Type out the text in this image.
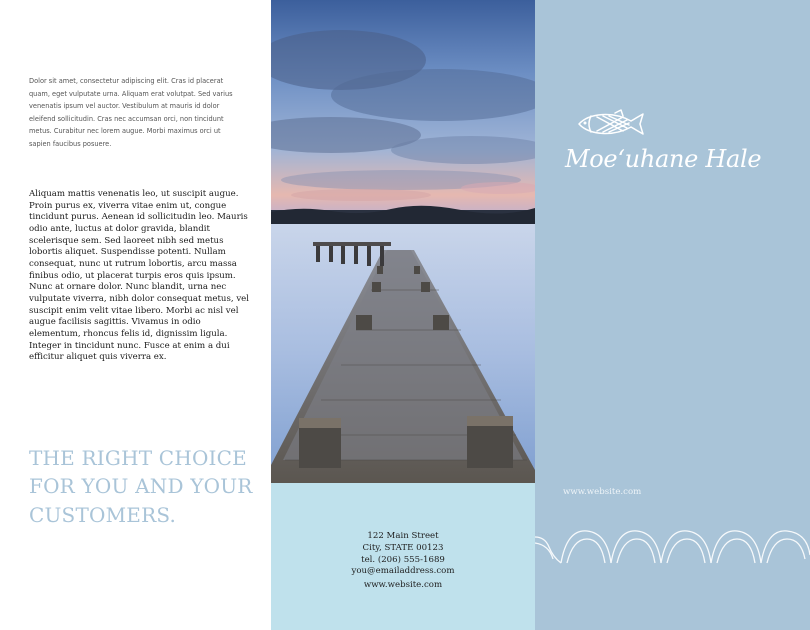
Dolor sit amet, consectetur adipiscing elit. Cras id placerat quam, eget vulputate urna. Aliquam erat volutpat. Sed varius venenatis ipsum vel auctor. Vestibulum at mauris id dolor eleifend sollicitudin. Cras nec accumsan orci, non tincidunt metus. Curabitur nec lorem augue. Morbi maximus orci ut sapien faucibus posuere.

Aliquam mattis venenatis leo, ut suscipit augue. Proin purus ex, viverra vitae enim ut, congue tincidunt purus. Aenean id sollicitudin leo. Mauris odio ante, luctus at dolor gravida, blandit scelerisque sem. Sed laoreet nibh sed metus lobortis aliquet. Suspendisse potenti. Nullam consequat, nunc ut rutrum lobortis, arcu massa finibus odio, ut placerat turpis eros quis ipsum. Nunc at ornare dolor. Nunc blandit, urna nec vulputate viverra, nibh dolor consequat metus, vel suscipit enim velit vitae libero. Morbi ac nisl vel augue facilisis sagittis. Vivamus in odio elementum, rhoncus felis id, dignissim ligula. Integer in tincidunt nunc. Fusce at enim a dui efficitur aliquet quis viverra ex.

THE RIGHT CHOICE FOR YOU AND YOUR CUSTOMERS.

122 Main Street
City, STATE 00123
tel. (206) 555-1689
you@emailaddress.com
www.website.com

Moeʻuhane Hale

www.website.com
